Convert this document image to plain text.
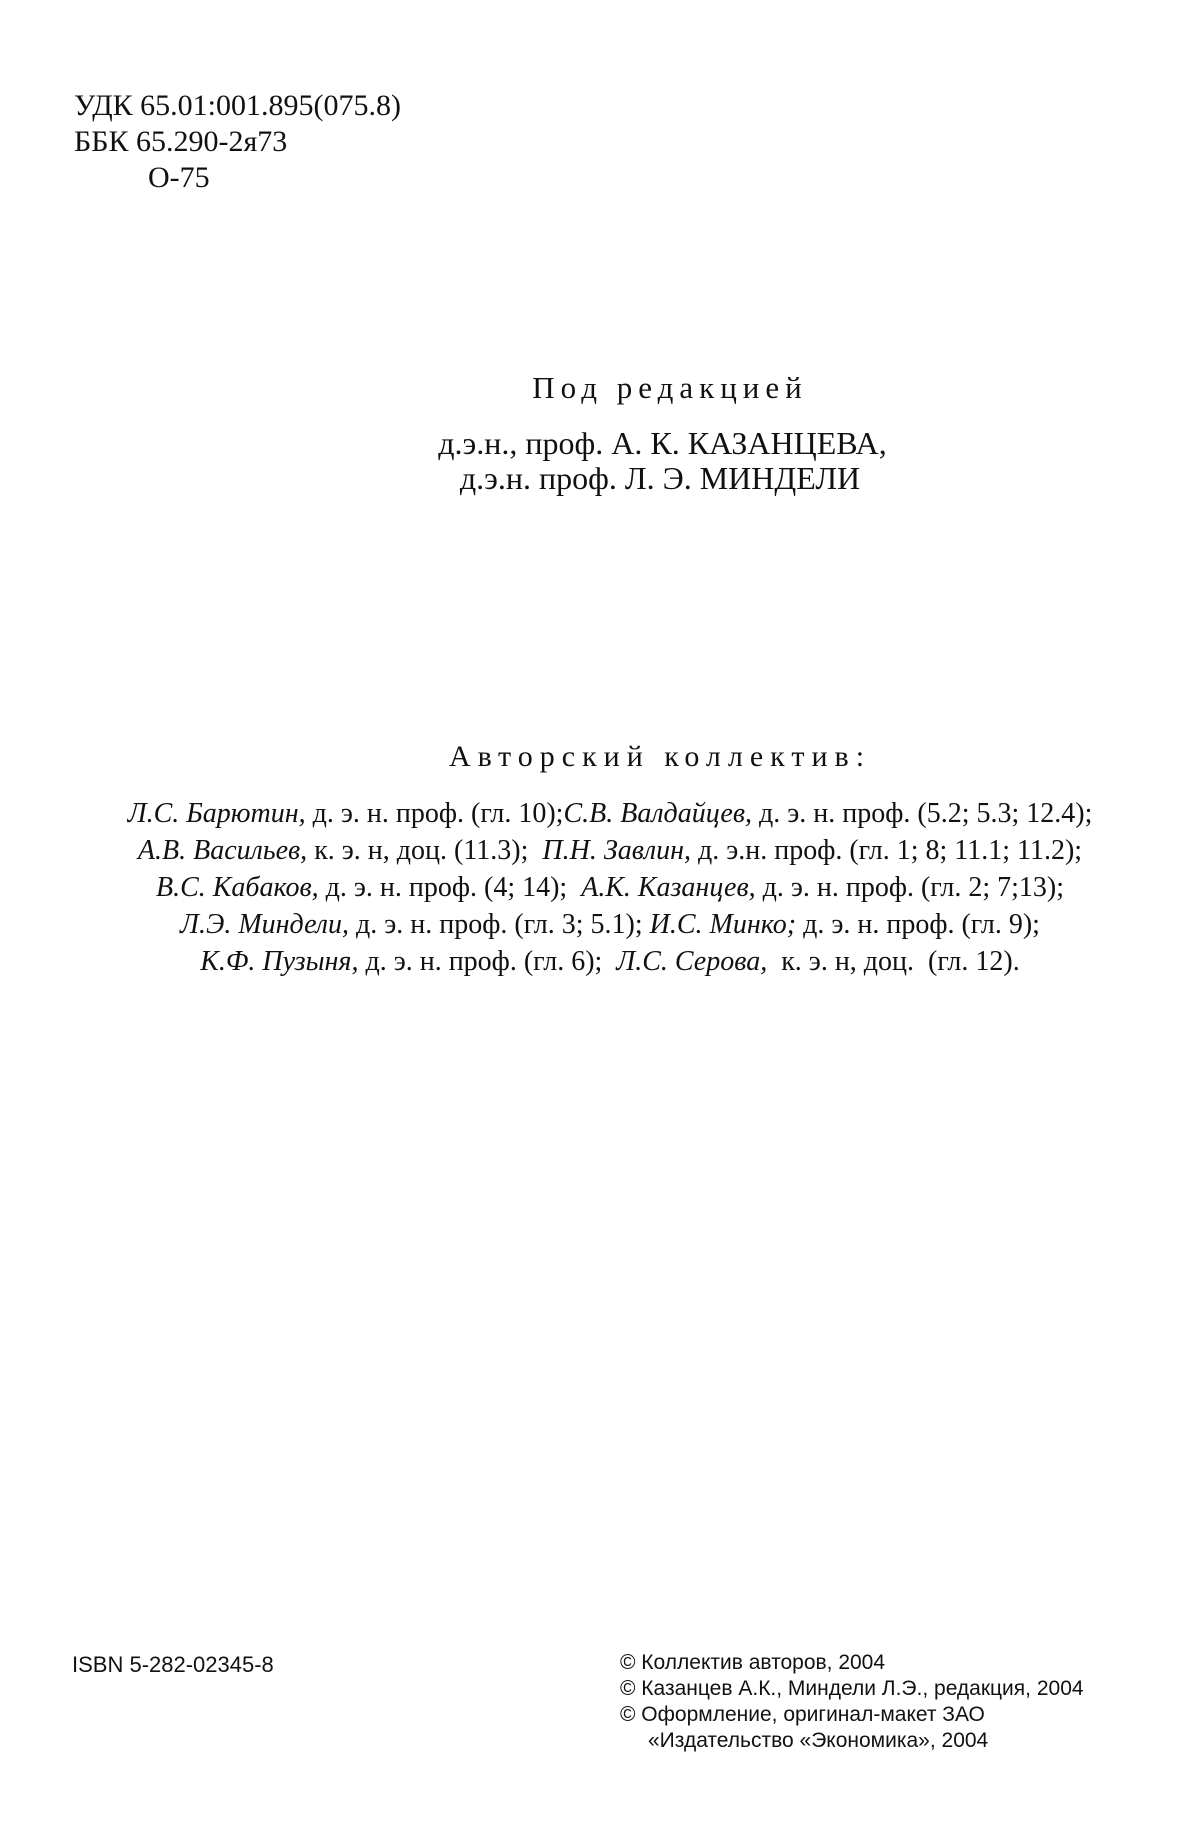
УДК 65.01:001.895(075.8)
ББК 65.290-2я73
О-75
Под редакцией
д.э.н., проф. А. К. КАЗАНЦЕВА,
д.э.н. проф. Л. Э. МИНДЕЛИ
Авторский коллектив:
Л.С. Барютин, д. э. н. проф. (гл. 10);С.В. Валдайцев, д. э. н. проф. (5.2; 5.3; 12.4);
А.В. Васильев, к. э. н, доц. (11.3);  П.Н. Завлин, д. э.н. проф. (гл. 1; 8; 11.1; 11.2);
В.С. Кабаков, д. э. н. проф. (4; 14);  А.К. Казанцев, д. э. н. проф. (гл. 2; 7;13);
Л.Э. Миндели, д. э. н. проф. (гл. 3; 5.1); И.С. Минко; д. э. н. проф. (гл. 9);
К.Ф. Пузыня, д. э. н. проф. (гл. 6);  Л.С. Серова,  к. э. н, доц.  (гл. 12).
ISBN 5-282-02345-8	© Коллектив авторов, 2004
© Казанцев А.К., Миндели Л.Э., редакция, 2004
© Оформление, оригинал-макет ЗАО
«Издательство «Экономика», 2004
